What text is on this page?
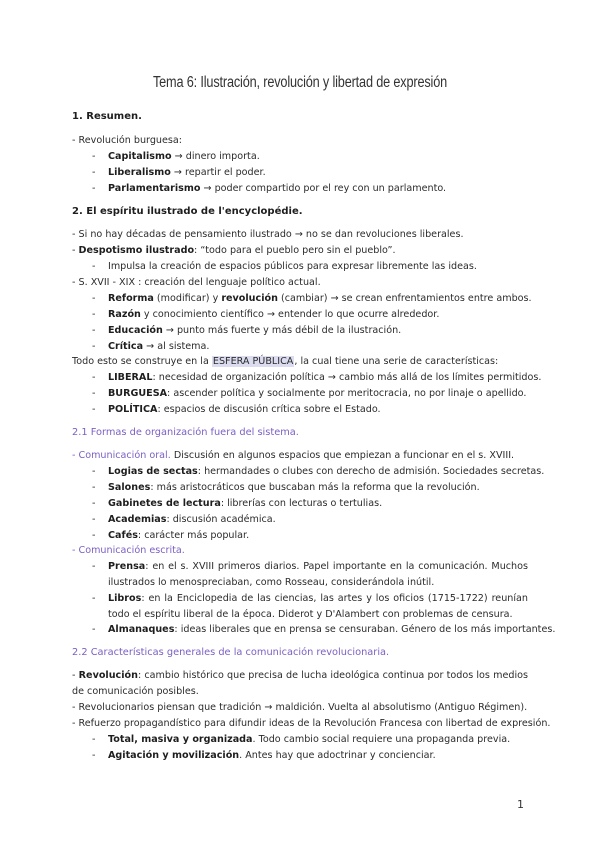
Tema 6: Ilustración, revolución y libertad de expresión
1. Resumen.
- Revolución burguesa:
- Capitalismo → dinero importa.
- Liberalismo → repartir el poder.
- Parlamentarismo → poder compartido por el rey con un parlamento.
2. El espíritu ilustrado de l'encyclopédie.
- Si no hay décadas de pensamiento ilustrado → no se dan revoluciones liberales.
- Despotismo ilustrado: “todo para el pueblo pero sin el pueblo”.
- Impulsa la creación de espacios públicos para expresar libremente las ideas.
- S. XVII - XIX : creación del lenguaje político actual.
- Reforma (modificar) y revolución (cambiar) → se crean enfrentamientos entre ambos.
- Razón y conocimiento científico → entender lo que ocurre alrededor.
- Educación → punto más fuerte y más débil de la ilustración.
- Crítica → al sistema.
Todo esto se construye en la ESFERA PÚBLICA, la cual tiene una serie de características:
- LIBERAL: necesidad de organización política → cambio más allá de los límites permitidos.
- BURGUESA: ascender política y socialmente por meritocracia, no por linaje o apellido.
- POLÍTICA: espacios de discusión crítica sobre el Estado.
2.1 Formas de organización fuera del sistema.
- Comunicación oral. Discusión en algunos espacios que empiezan a funcionar en el s. XVIII.
- Logias de sectas: hermandades o clubes con derecho de admisión. Sociedades secretas.
- Salones: más aristocráticos que buscaban más la reforma que la revolución.
- Gabinetes de lectura: librerías con lecturas o tertulias.
- Academias: discusión académica.
- Cafés: carácter más popular.
- Comunicación escrita.
- Prensa: en el s. XVIII primeros diarios. Papel importante en la comunicación. Muchos ilustrados lo menospreciaban, como Rosseau, considerándola inútil.
- Libros: en la Enciclopedia de las ciencias, las artes y los oficios (1715-1722) reunían todo el espíritu liberal de la época. Diderot y D'Alambert con problemas de censura.
- Almanaques: ideas liberales que en prensa se censuraban. Género de los más importantes.
2.2 Características generales de la comunicación revolucionaria.
- Revolución: cambio histórico que precisa de lucha ideológica continua por todos los medios de comunicación posibles.
- Revolucionarios piensan que tradición → maldición. Vuelta al absolutismo (Antiguo Régimen).
- Refuerzo propagandístico para difundir ideas de la Revolución Francesa con libertad de expresión.
- Total, masiva y organizada. Todo cambio social requiere una propaganda previa.
- Agitación y movilización. Antes hay que adoctrinar y concienciar.
1
